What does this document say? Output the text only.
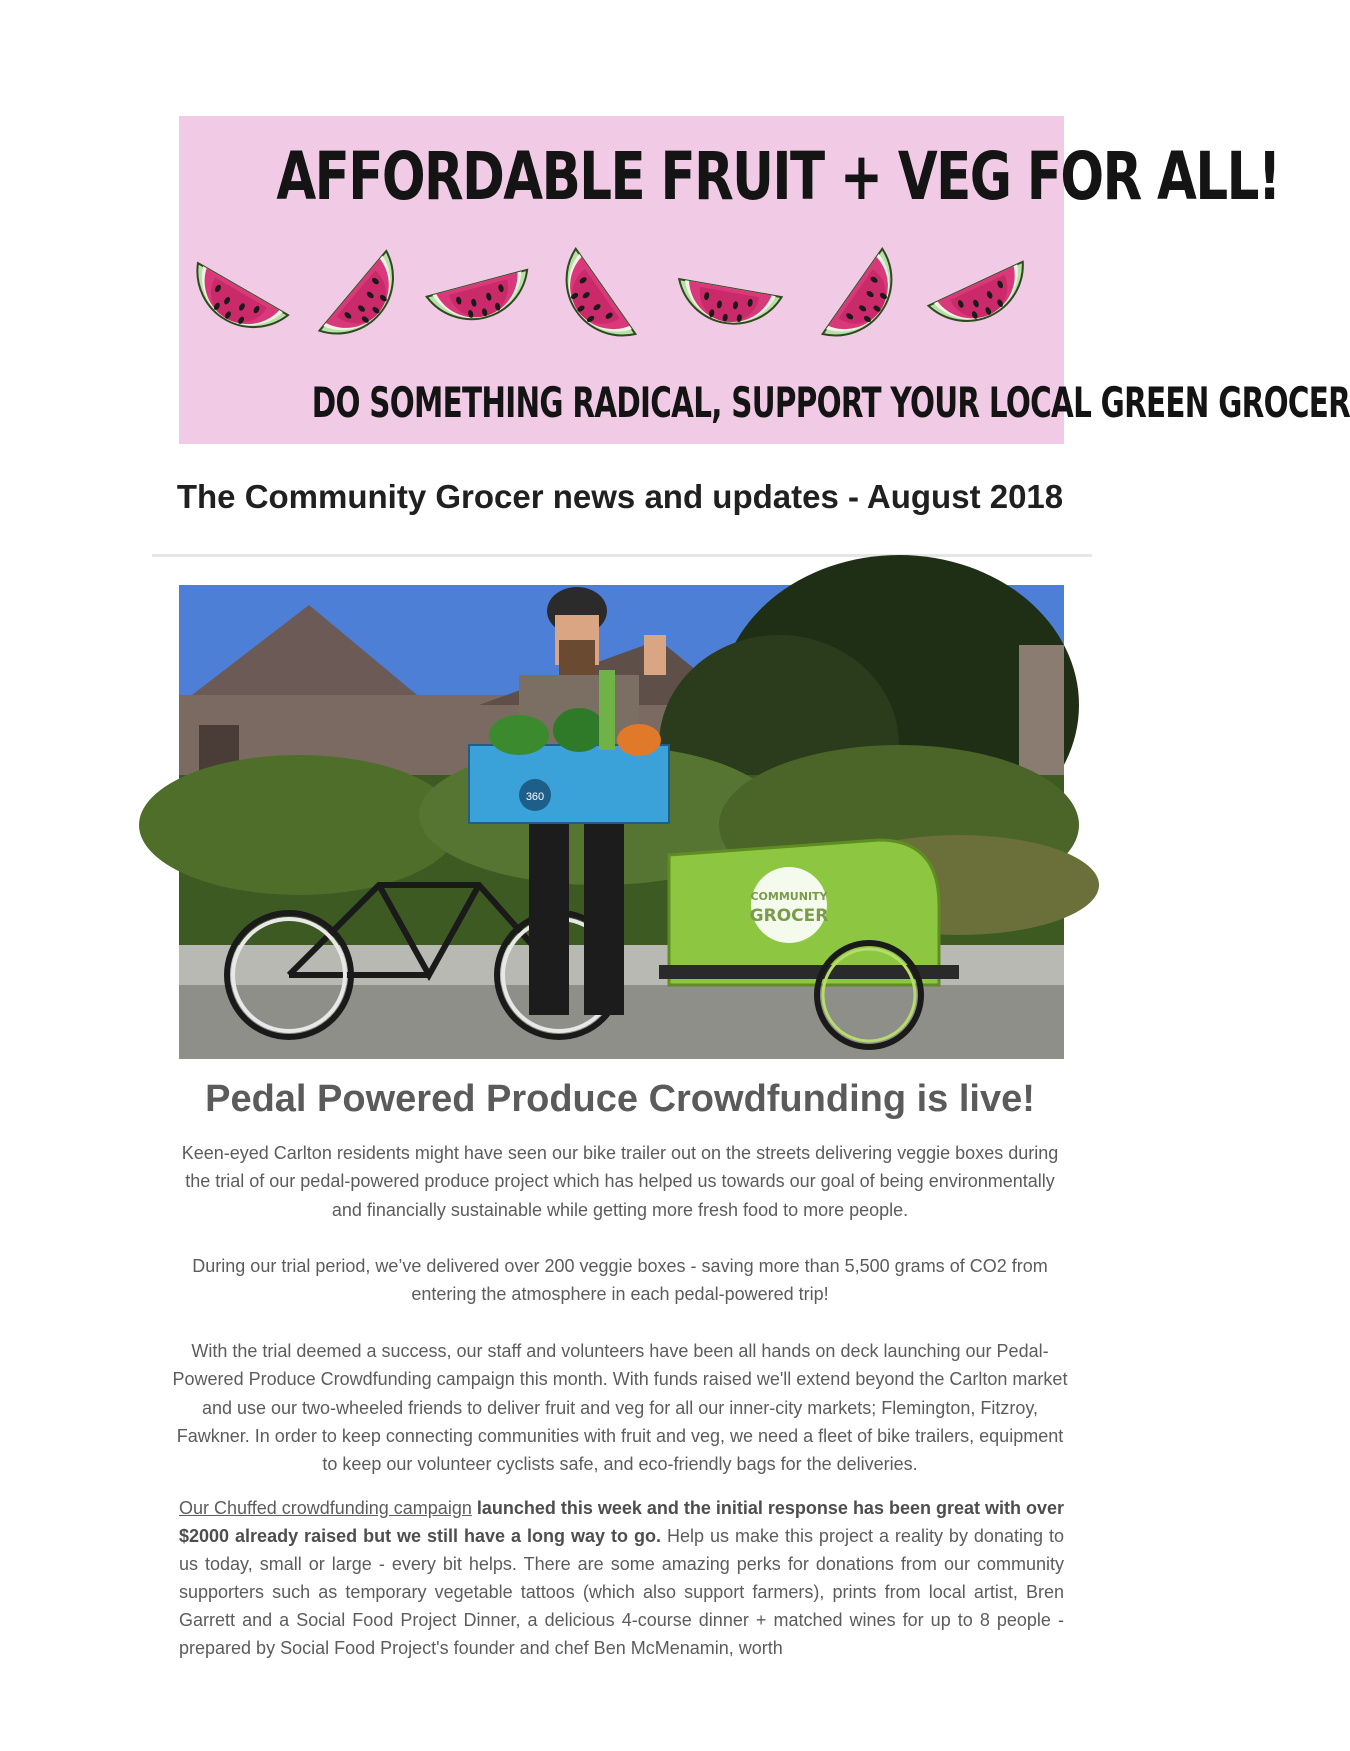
AFFORDABLE FRUIT + VEG FOR ALL!
DO SOMETHING RADICAL, SUPPORT YOUR LOCAL GREEN GROCER
The Community Grocer news and updates - August 2018
360
COMMUNITY
GROCER
Pedal Powered Produce Crowdfunding is live!
Keen-eyed Carlton residents might have seen our bike trailer out on the streets delivering veggie boxes during the trial of our pedal-powered produce project which has helped us towards our goal of being environmentally and financially sustainable while getting more fresh food to more people.
During our trial period, we’ve delivered over 200 veggie boxes - saving more than 5,500 grams of CO2 from entering the atmosphere in each pedal-powered trip!
With the trial deemed a success, our staff and volunteers have been all hands on deck launching our Pedal-Powered Produce Crowdfunding campaign this month. With funds raised we'll extend beyond the Carlton market and use our two-wheeled friends to deliver fruit and veg for all our inner-city markets; Flemington, Fitzroy, Fawkner. In order to keep connecting communities with fruit and veg, we need a fleet of bike trailers, equipment to keep our volunteer cyclists safe, and eco-friendly bags for the deliveries.
Our Chuffed crowdfunding campaign launched this week and the initial response has been great with over $2000 already raised but we still have a long way to go. Help us make this project a reality by donating to us today, small or large - every bit helps. There are some amazing perks for donations from our community supporters such as temporary vegetable tattoos (which also support farmers), prints from local artist, Bren Garrett and a Social Food Project Dinner, a delicious 4-course dinner + matched wines for up to 8 people - prepared by Social Food Project's founder and chef Ben McMenamin, worth
